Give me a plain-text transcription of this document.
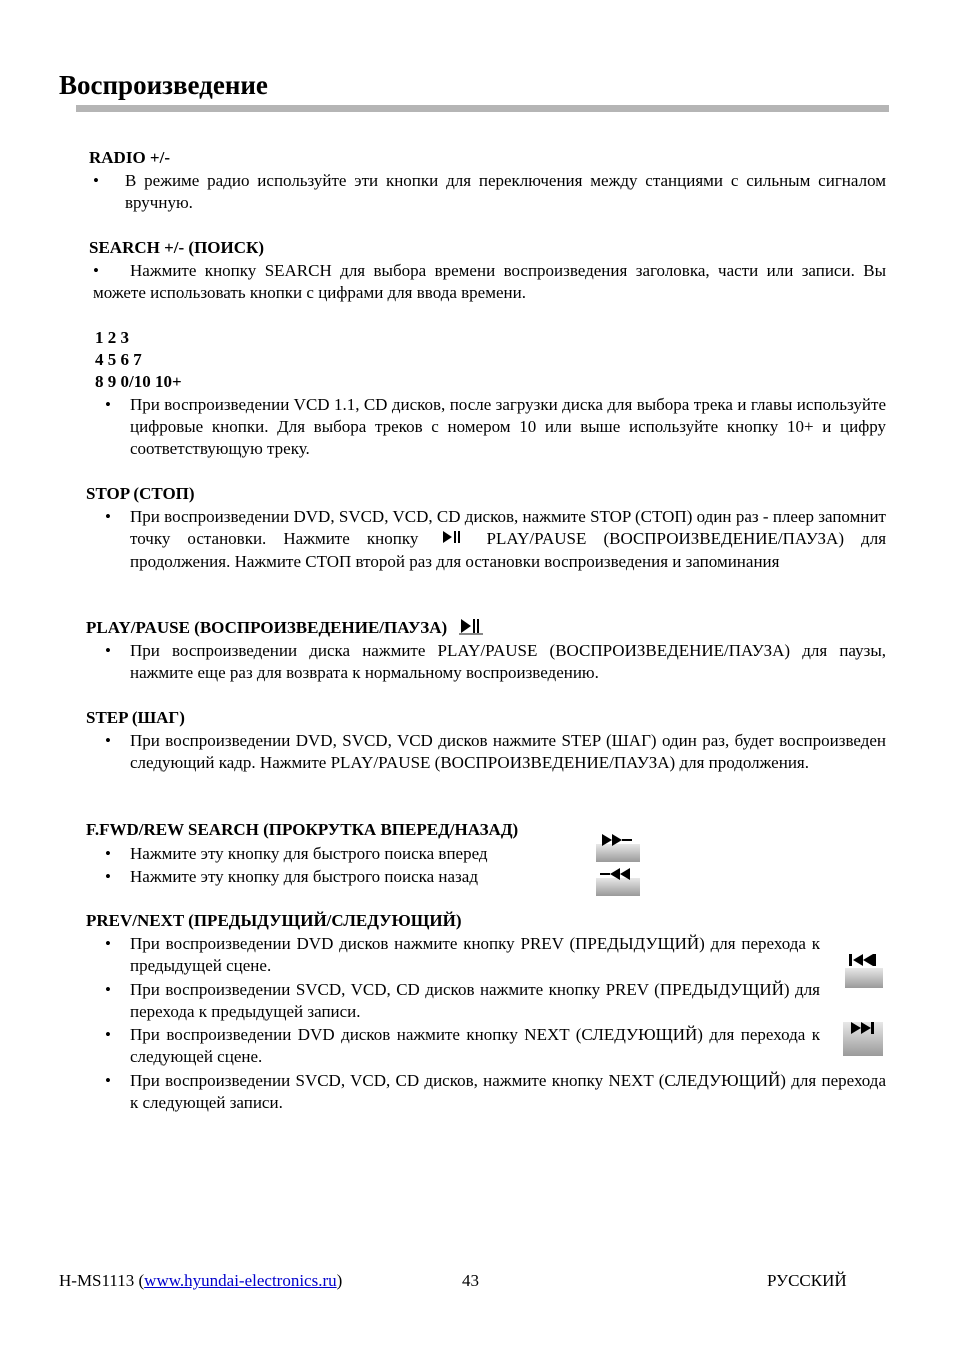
Воспроизведение
RADIO +/-
• В режиме радио используйте эти кнопки для переключения между станциями с сильным сигналом вручную.
SEARCH +/- (ПОИСК)
•	Нажмите кнопку SEARCH для выбора времени воспроизведения заголовка, части или записи. Вы можете использовать кнопки с цифрами для ввода времени.
1 2 3
4 5 6 7
8 9 0/10 10+
• При воспроизведении VCD 1.1, CD дисков, после загрузки диска для выбора трека и главы используйте цифровые кнопки. Для выбора треков с номером 10 или выше используйте кнопку 10+ и цифру соответствующую треку.
STOP (СТОП)
• При воспроизведении DVD, SVCD, VCD, CD дисков, нажмите STOP (СТОП) один раз - плеер запомнит точку остановки. Нажмите кнопку	PLAY/PAUSE (ВОСПРОИЗВЕДЕНИЕ/ПАУЗА) для продолжения. Нажмите СТОП второй раз для остановки воспроизведения и запоминания
PLAY/PAUSE (ВОСПРОИЗВЕДЕНИЕ/ПАУЗА)
• При воспроизведении диска нажмите PLAY/PAUSE (ВОСПРОИЗВЕДЕНИЕ/ПАУЗА) для паузы, нажмите еще раз для возврата к нормальному воспроизведению.
STEP (ШАГ)
• При воспроизведении DVD, SVCD, VCD дисков нажмите STEP (ШАГ) один раз, будет воспроизведен следующий кадр. Нажмите PLAY/PAUSE (ВОСПРОИЗВЕДЕНИЕ/ПАУЗА) для продолжения.
F.FWD/REW SEARCH (ПРОКРУТКА ВПЕРЕД/НАЗАД)
• Нажмите эту кнопку для быстрого поиска вперед
• Нажмите эту кнопку для быстрого поиска назад
PREV/NEXT (ПРЕДЫДУЩИЙ/СЛЕДУЮЩИЙ)
• При воспроизведении DVD дисков нажмите кнопку PREV (ПРЕДЫДУЩИЙ) для перехода к предыдущей сцене.
• При воспроизведении SVCD, VCD, CD дисков нажмите кнопку PREV (ПРЕДЫДУЩИЙ) для перехода к предыдущей записи.
• При воспроизведении DVD дисков нажмите кнопку NEXT (СЛЕДУЮЩИЙ) для перехода к следующей сцене.
• При воспроизведении SVCD, VCD, CD дисков, нажмите кнопку NEXT (СЛЕДУЮЩИЙ) для перехода к следующей записи.
H-MS1113 (www.hyundai-electronics.ru)	43	РУССКИЙ
